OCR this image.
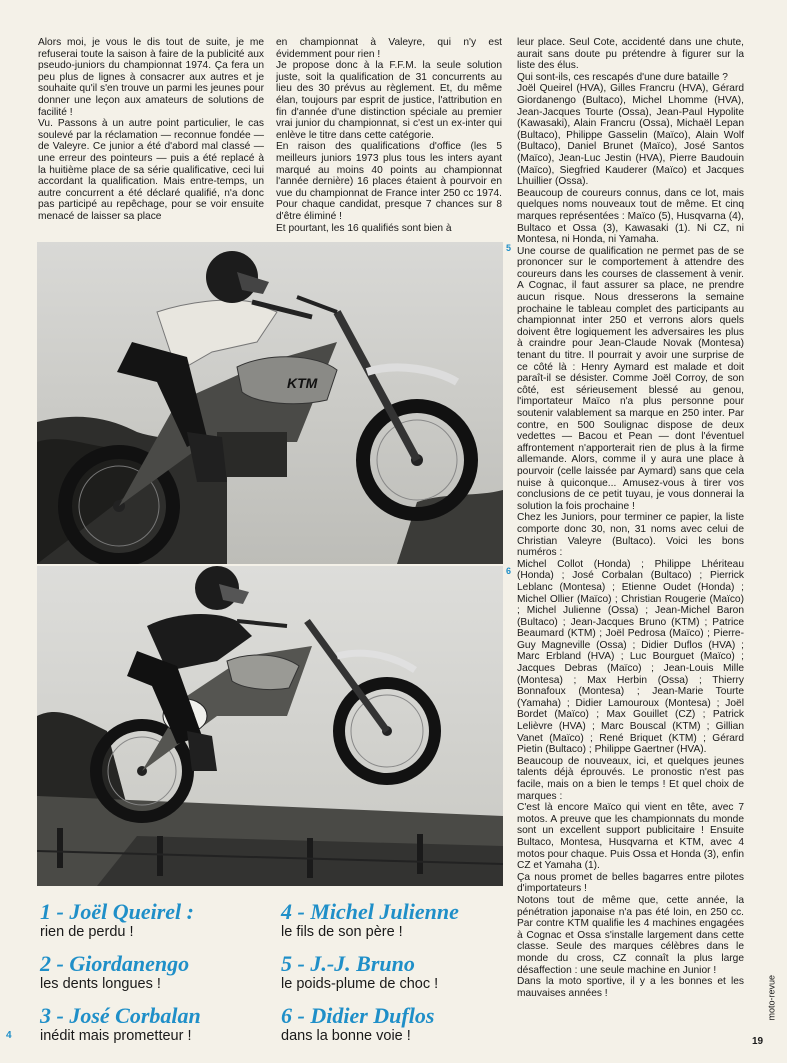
Alors moi, je vous le dis tout de suite, je me refuserai toute la saison à faire de la publicité aux pseudo-juniors du championnat 1974. Ça fera un peu plus de lignes à consacrer aux autres et je souhaite qu'il s'en trouve un parmi les jeunes pour donner une leçon aux amateurs de solutions de facilité !

Vu. Passons à un autre point particulier, le cas soulevé par la réclamation — reconnue fondée — de Valeyre. Ce junior a été d'abord mal classé — une erreur des pointeurs — puis a été replacé à la huitième place de sa série qualificative, ceci lui accordant la qualification. Mais entre-temps, un autre concurrent a été déclaré qualifié, n'a donc pas participé au repêchage, pour se voir ensuite menacé de laisser sa place

en championnat à Valeyre, qui n'y est évidemment pour rien !

Je propose donc à la F.F.M. la seule solution juste, soit la qualification de 31 concurrents au lieu des 30 prévus au règlement. Et, du même élan, toujours par esprit de justice, l'attribution en fin d'année d'une distinction spéciale au premier vrai junior du championnat, si c'est un ex-inter qui enlève le titre dans cette catégorie.

En raison des qualifications d'office (les 5 meilleurs juniors 1973 plus tous les inters ayant marqué au moins 40 points au championnat l'année dernière) 16 places étaient à pourvoir en vue du championnat de France inter 250 cc 1974. Pour chaque candidat, presque 7 chances sur 8 d'être éliminé !

Et pourtant, les 16 qualifiés sont bien à

leur place. Seul Cote, accidenté dans une chute, aurait sans doute pu prétendre à figurer sur la liste des élus.

Qui sont-ils, ces rescapés d'une dure bataille ?

Joël Queirel (HVA), Gilles Francru (HVA), Gérard Giordanengo (Bultaco), Michel Lhomme (HVA), Jean-Jacques Tourte (Ossa), Jean-Paul Hypolite (Kawasaki), Alain Francru (Ossa), Michaël Lepan (Bultaco), Philippe Gasselin (Maïco), Alain Wolf (Bultaco), Daniel Brunet (Maïco), José Santos (Maïco), Jean-Luc Jestin (HVA), Pierre Baudouin (Maïco), Siegfried Kauderer (Maïco) et Jacques Lhuillier (Ossa).

Beaucoup de coureurs connus, dans ce lot, mais quelques noms nouveaux tout de même. Et cinq marques représentées : Maïco (5), Husqvarna (4), Bultaco et Ossa (3), Kawasaki (1). Ni CZ, ni Montesa, ni Honda, ni Yamaha.

Une course de qualification ne permet pas de se prononcer sur le comportement à attendre des coureurs dans les courses de classement à venir. A Cognac, il faut assurer sa place, ne prendre aucun risque. Nous dresserons la semaine prochaine le tableau complet des participants au championnat inter 250 et verrons alors quels doivent être logiquement les adversaires les plus à craindre pour Jean-Claude Novak (Montesa) tenant du titre. Il pourrait y avoir une surprise de ce côté là : Henry Aymard est malade et doit paraît-il se désister. Comme Joël Corroy, de son côté, est sérieusement blessé au genou, l'importateur Maïco n'a plus personne pour soutenir valablement sa marque en 250 inter. Par contre, en 500 Soulignac dispose de deux vedettes — Bacou et Pean — dont l'éventuel affrontement n'apporterait rien de plus à la firme allemande. Alors, comme il y aura une place à pourvoir (celle laissée par Aymard) sans que cela nuise à quiconque... Amusez-vous à tirer vos conclusions de ce petit tuyau, je vous donnerai la solution la fois prochaine !

Chez les Juniors, pour terminer ce papier, la liste comporte donc 30, non, 31 noms avec celui de Christian Valeyre (Bultaco). Voici les bons numéros :

Michel Collot (Honda) ; Philippe Lhériteau (Honda) ; José Corbalan (Bultaco) ; Pierrick Leblanc (Montesa) ; Etienne Oudet (Honda) ; Michel Ollier (Maïco) ; Christian Rougerie (Maïco) ; Michel Julienne (Ossa) ; Jean-Michel Baron (Bultaco) ; Jean-Jacques Bruno (KTM) ; Patrice Beaumard (KTM) ; Joël Pedrosa (Maïco) ; Pierre-Guy Magneville (Ossa) ; Didier Duflos (HVA) ; Marc Erbland (HVA) ; Luc Bourguet (Maïco) ; Jacques Debras (Maïco) ; Jean-Louis Mille (Montesa) ; Max Herbin (Ossa) ; Thierry Bonnafoux (Montesa) ; Jean-Marie Tourte (Yamaha) ; Didier Lamouroux (Montesa) ; Joël Bordet (Maïco) ; Max Gouillet (CZ) ; Patrick Lelièvre (HVA) ; Marc Bouscal (KTM) ; Gillian Vanet (Maïco) ; René Briquet (KTM) ; Gérard Pietin (Bultaco) ; Philippe Gaertner (HVA).

Beaucoup de nouveaux, ici, et quelques jeunes talents déjà éprouvés. Le pronostic n'est pas facile, mais on a bien le temps ! Et quel choix de marques :

C'est là encore Maïco qui vient en tête, avec 7 motos. A preuve que les championnats du monde sont un excellent support publicitaire ! Ensuite Bultaco, Montesa, Husqvarna et KTM, avec 4 motos pour chaque. Puis Ossa et Honda (3), enfin CZ et Yamaha (1).

Ça nous promet de belles bagarres entre pilotes d'importateurs !

Notons tout de même que, cette année, la pénétration japonaise n'a pas été loin, en 250 cc. Par contre KTM qualifie les 4 machines engagées à Cognac et Ossa s'installe largement dans cette classe. Seule des marques célèbres dans le monde du cross, CZ connaît la plus large désaffection : une seule machine en Junior !

Dans la moto sportive, il y a les bonnes et les mauvaises années !

5
6
KTM
1 - Joël Queirel :
rien de perdu !
2 - Giordanengo
les dents longues !
3 - José Corbalan
inédit mais prometteur !
4 - Michel Julienne
le fils de son père !
5 - J.-J. Bruno
le poids-plume de choc !
6 - Didier Duflos
dans la bonne voie !
4
19
moto-revue
